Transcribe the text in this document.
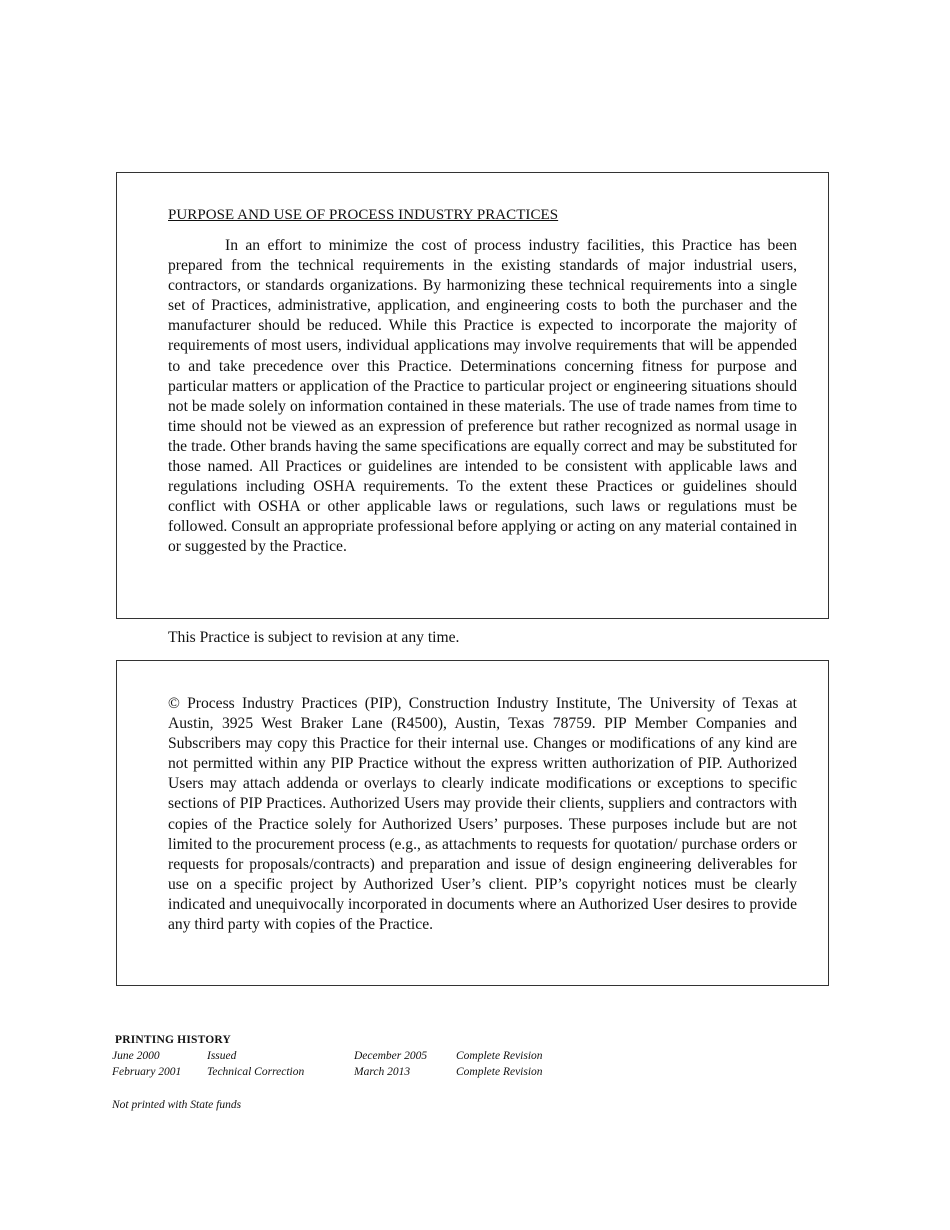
PURPOSE AND USE OF PROCESS INDUSTRY PRACTICES

In an effort to minimize the cost of process industry facilities, this Practice has been prepared from the technical requirements in the existing standards of major industrial users, contractors, or standards organizations. By harmonizing these technical requirements into a single set of Practices, administrative, application, and engineering costs to both the purchaser and the manufacturer should be reduced. While this Practice is expected to incorporate the majority of requirements of most users, individual applications may involve requirements that will be appended to and take precedence over this Practice. Determinations concerning fitness for purpose and particular matters or application of the Practice to particular project or engineering situations should not be made solely on information contained in these materials. The use of trade names from time to time should not be viewed as an expression of preference but rather recognized as normal usage in the trade. Other brands having the same specifications are equally correct and may be substituted for those named. All Practices or guidelines are intended to be consistent with applicable laws and regulations including OSHA requirements. To the extent these Practices or guidelines should conflict with OSHA or other applicable laws or regulations, such laws or regulations must be followed. Consult an appropriate professional before applying or acting on any material contained in or suggested by the Practice.

This Practice is subject to revision at any time.

© Process Industry Practices (PIP), Construction Industry Institute, The University of Texas at Austin, 3925 West Braker Lane (R4500), Austin, Texas 78759. PIP Member Companies and Subscribers may copy this Practice for their internal use. Changes or modifications of any kind are not permitted within any PIP Practice without the express written authorization of PIP. Authorized Users may attach addenda or overlays to clearly indicate modifications or exceptions to specific sections of PIP Practices. Authorized Users may provide their clients, suppliers and contractors with copies of the Practice solely for Authorized Users’ purposes. These purposes include but are not limited to the procurement process (e.g., as attachments to requests for quotation/ purchase orders or requests for proposals/contracts) and preparation and issue of design engineering deliverables for use on a specific project by Authorized User’s client. PIP’s copyright notices must be clearly indicated and unequivocally incorporated in documents where an Authorized User desires to provide any third party with copies of the Practice.

PRINTING HISTORY
June 2000	Issued	December 2005	Complete Revision
February 2001 Technical Correction	March 2013	Complete Revision
Not printed with State funds
